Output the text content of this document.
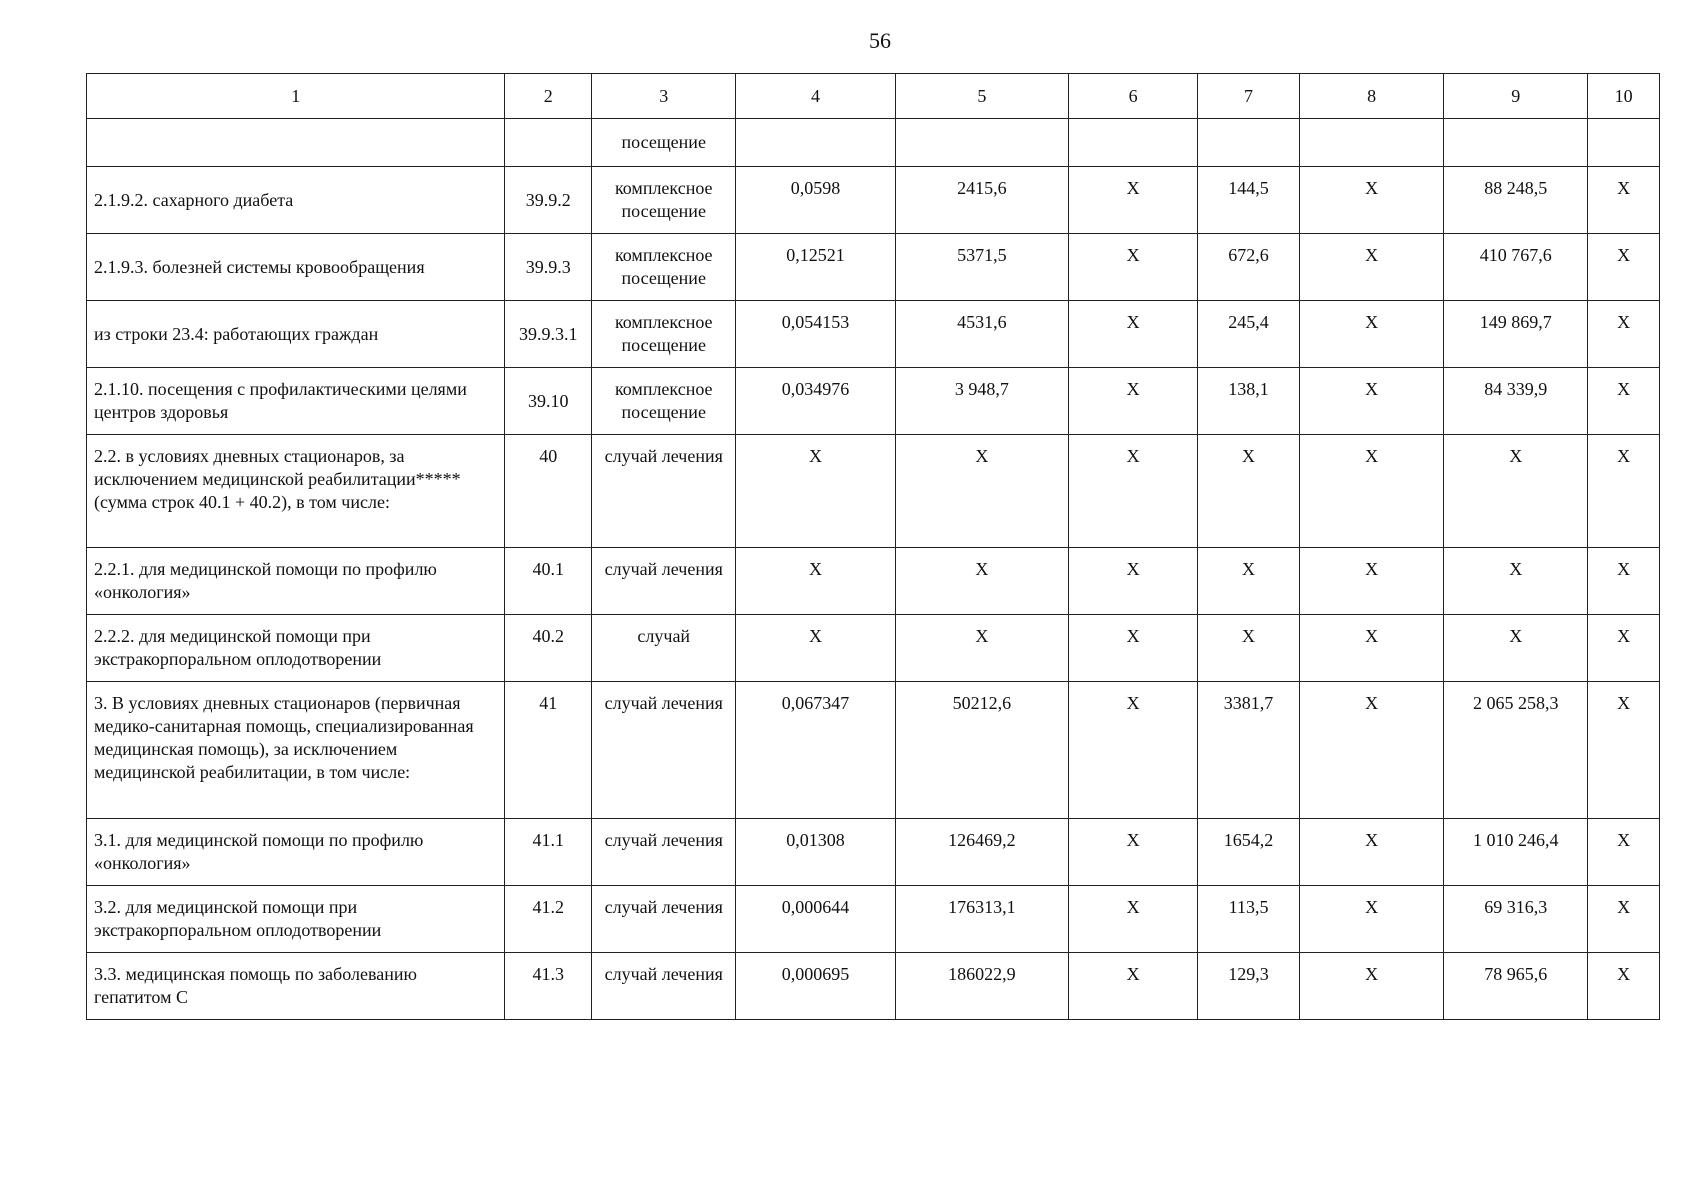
56
1	2	3	4	5	6	7	8	9	10
		посещение							
2.1.9.2. сахарного диабета	39.9.2	комплексное посещение	0,0598	2415,6	Х	144,5	Х	88 248,5	Х
2.1.9.3. болезней системы кровообращения	39.9.3	комплексное посещение	0,12521	5371,5	Х	672,6	Х	410 767,6	Х
из строки 23.4: работающих граждан	39.9.3.1	комплексное посещение	0,054153	4531,6	Х	245,4	Х	149 869,7	Х
2.1.10. посещения с профилактическими целями центров здоровья	39.10	комплексное посещение	0,034976	3 948,7	Х	138,1	Х	84 339,9	Х
2.2. в условиях дневных стационаров, за исключением медицинской реабилитации***** (сумма строк 40.1 + 40.2), в том числе:	40	случай лечения	Х	Х	Х	Х	Х	Х	Х
2.2.1. для медицинской помощи по профилю «онкология»	40.1	случай лечения	Х	Х	Х	Х	Х	Х	Х
2.2.2. для медицинской помощи при экстракорпоральном оплодотворении	40.2	случай	Х	Х	Х	Х	Х	Х	Х
3. В условиях дневных стационаров (первичная медико-санитарная помощь, специализированная медицинская помощь), за исключением медицинской реабилитации, в том числе:	41	случай лечения	0,067347	50212,6	Х	3381,7	Х	2 065 258,3	Х
3.1. для медицинской помощи по профилю «онкология»	41.1	случай лечения	0,01308	126469,2	Х	1654,2	Х	1 010 246,4	Х
3.2. для медицинской помощи при экстракорпоральном оплодотворении	41.2	случай лечения	0,000644	176313,1	Х	113,5	Х	69 316,3	Х
3.3. медицинская помощь по заболеванию гепатитом С	41.3	случай лечения	0,000695	186022,9	Х	129,3	Х	78 965,6	Х
